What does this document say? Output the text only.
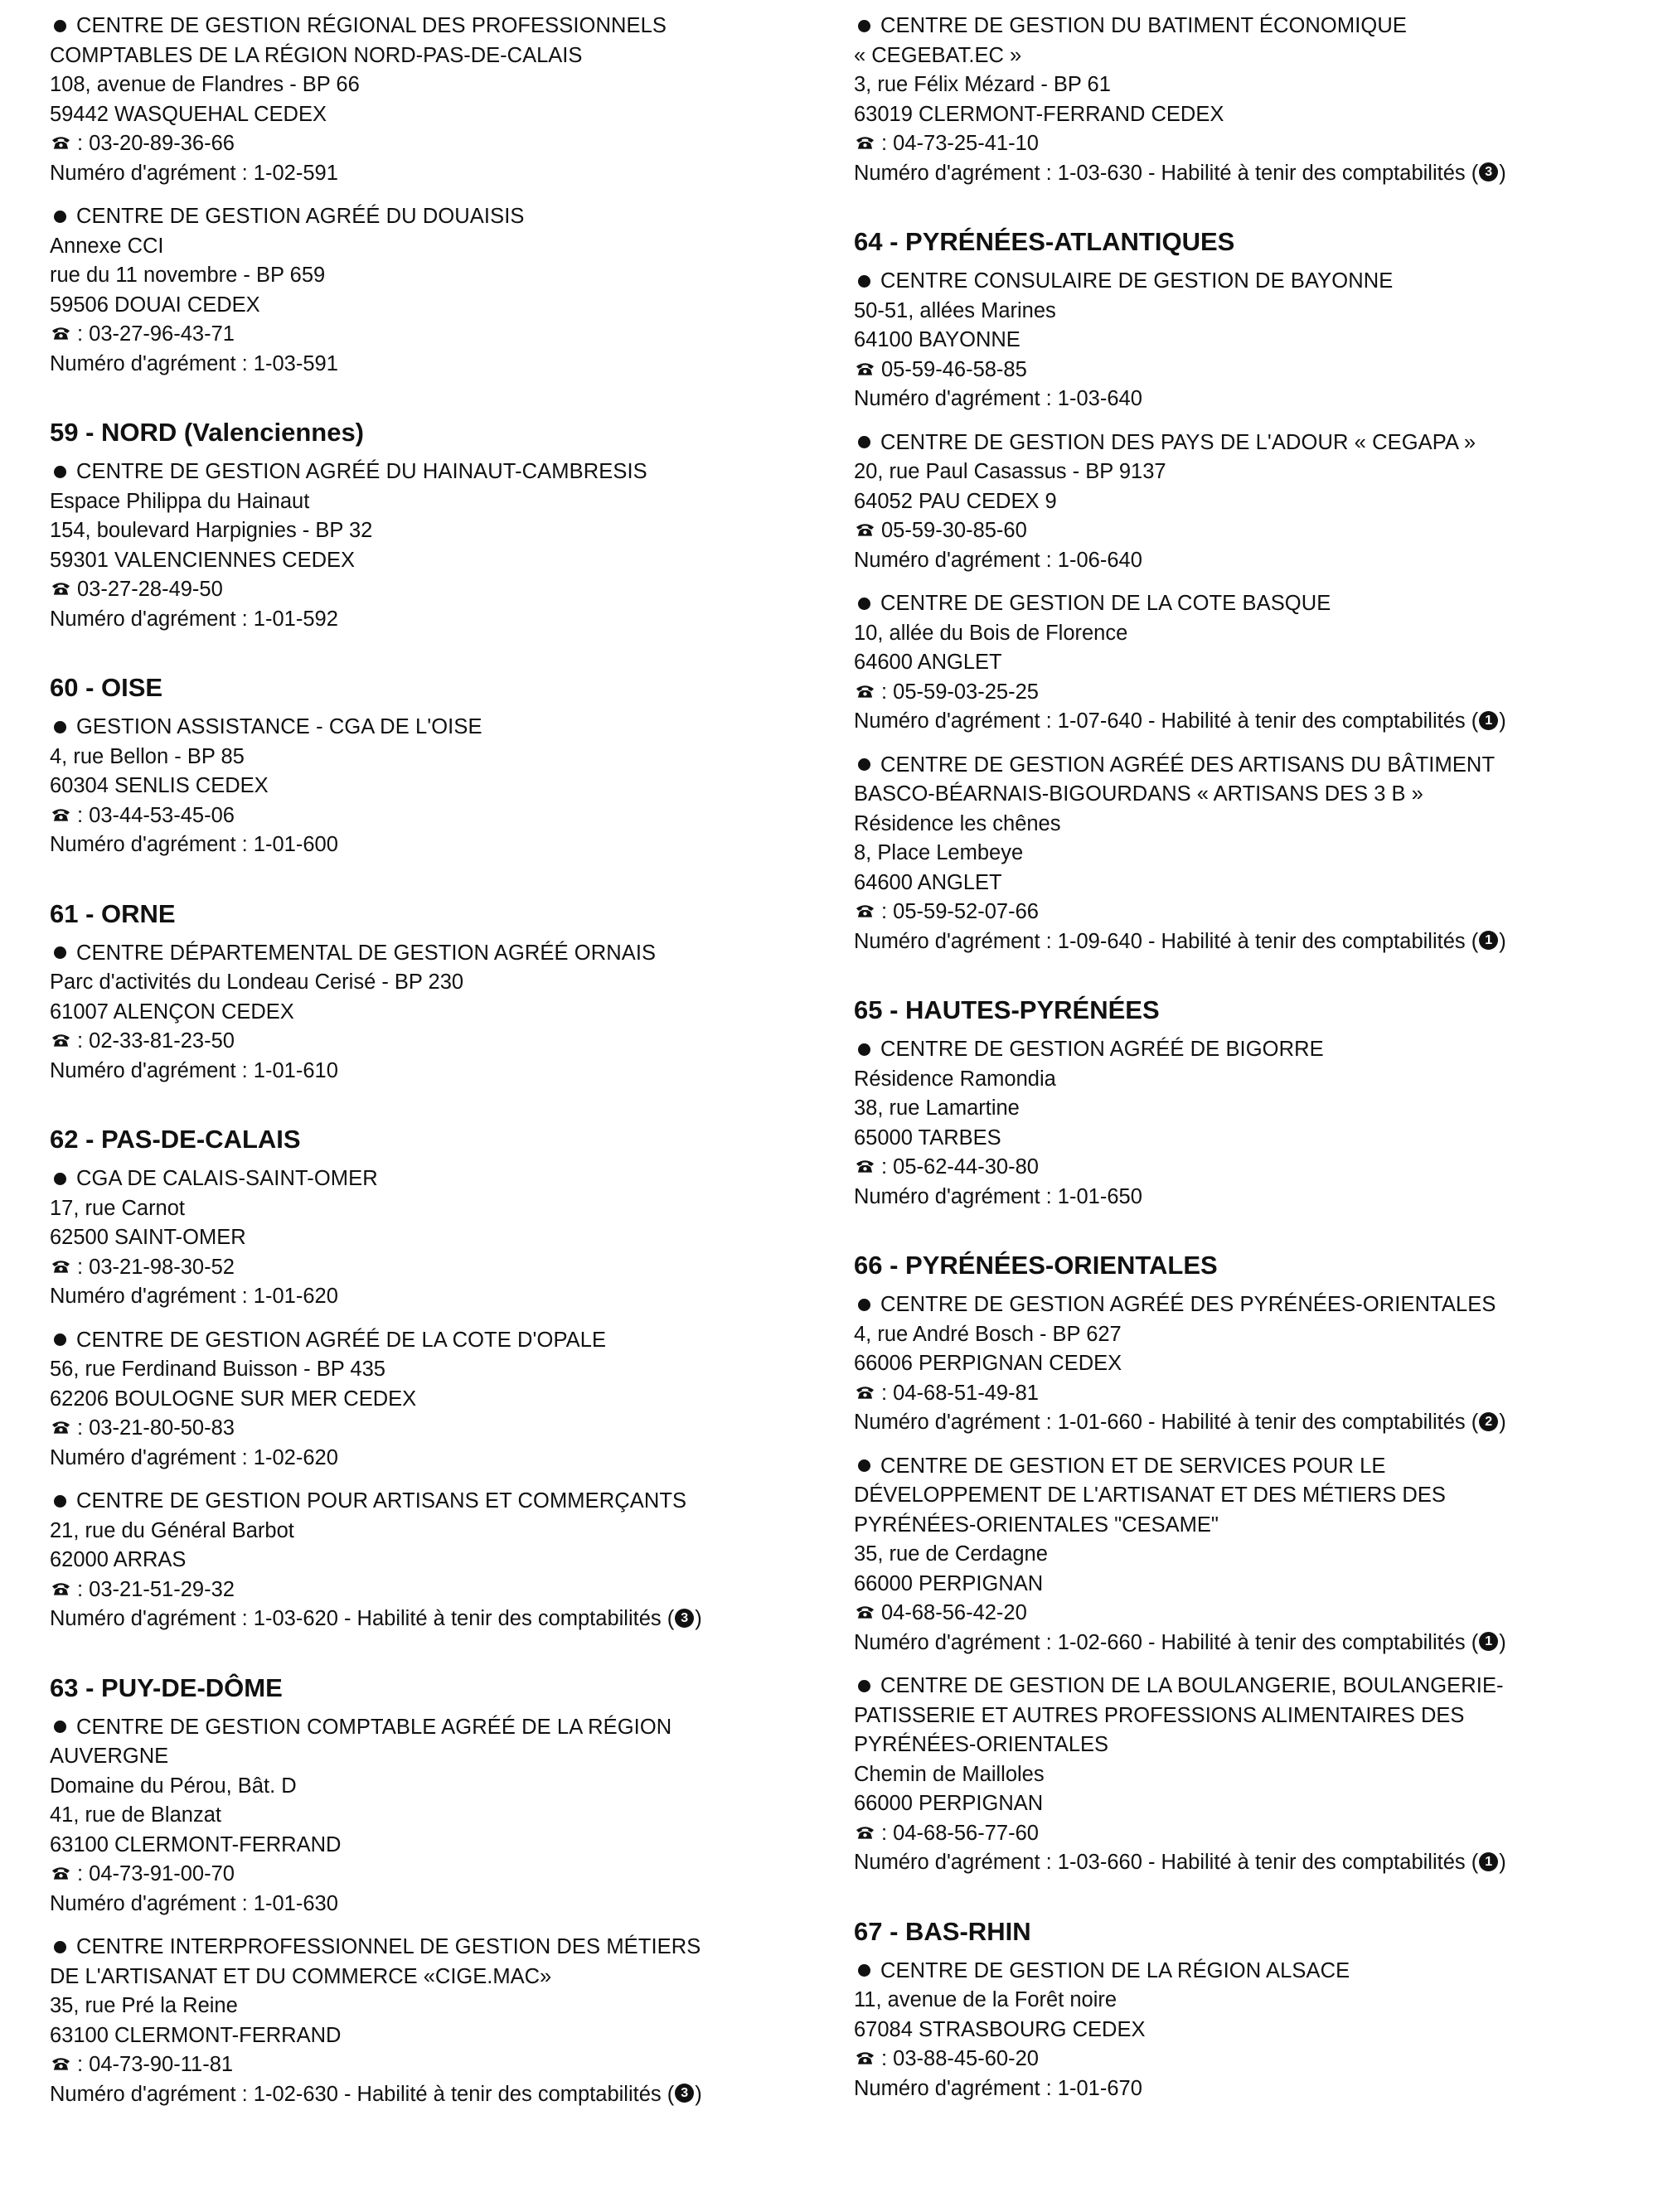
CENTRE DE GESTION RÉGIONAL DES PROFESSIONNELS
COMPTABLES DE LA RÉGION NORD-PAS-DE-CALAIS
108, avenue de Flandres - BP 66
59442 WASQUEHAL CEDEX
: 03-20-89-36-66
Numéro d'agrément : 1-02-591
CENTRE DE GESTION AGRÉÉ DU DOUAISIS
Annexe CCI
rue du 11 novembre - BP 659
59506 DOUAI CEDEX
: 03-27-96-43-71
Numéro d'agrément : 1-03-591
59 - NORD (Valenciennes)
CENTRE DE GESTION AGRÉÉ DU HAINAUT-CAMBRESIS
Espace Philippa du Hainaut
154, boulevard Harpignies - BP 32
59301 VALENCIENNES CEDEX
03-27-28-49-50
Numéro d'agrément : 1-01-592
60 - OISE
GESTION ASSISTANCE - CGA DE L'OISE
4, rue Bellon - BP 85
60304 SENLIS CEDEX
: 03-44-53-45-06
Numéro d'agrément : 1-01-600
61 - ORNE
CENTRE DÉPARTEMENTAL DE GESTION AGRÉÉ ORNAIS
Parc d'activités du Londeau Cerisé - BP 230
61007 ALENÇON CEDEX
: 02-33-81-23-50
Numéro d'agrément : 1-01-610
62 - PAS-DE-CALAIS
CGA DE CALAIS-SAINT-OMER
17, rue Carnot
62500 SAINT-OMER
: 03-21-98-30-52
Numéro d'agrément : 1-01-620
CENTRE DE GESTION AGRÉÉ DE LA COTE D'OPALE
56, rue Ferdinand Buisson - BP 435
62206 BOULOGNE SUR MER CEDEX
: 03-21-80-50-83
Numéro d'agrément : 1-02-620
CENTRE DE GESTION POUR ARTISANS ET COMMERÇANTS
21, rue du Général Barbot
62000 ARRAS
: 03-21-51-29-32
Numéro d'agrément : 1-03-620 - Habilité à tenir des comptabilités ( 3 )
63 - PUY-DE-DÔME
CENTRE DE GESTION COMPTABLE AGRÉÉ DE LA RÉGION
AUVERGNE
Domaine du Pérou, Bât. D
41, rue de Blanzat
63100 CLERMONT-FERRAND
: 04-73-91-00-70
Numéro d'agrément : 1-01-630
CENTRE INTERPROFESSIONNEL DE GESTION DES MÉTIERS
DE L'ARTISANAT ET DU COMMERCE «CIGE.MAC»
35, rue Pré la Reine
63100 CLERMONT-FERRAND
: 04-73-90-11-81
Numéro d'agrément : 1-02-630 - Habilité à tenir des comptabilités ( 3 )
CENTRE DE GESTION DU BATIMENT ÉCONOMIQUE
« CEGEBAT.EC »
3, rue Félix Mézard - BP 61
63019 CLERMONT-FERRAND CEDEX
: 04-73-25-41-10
Numéro d'agrément : 1-03-630 - Habilité à tenir des comptabilités ( 3 )
64 - PYRÉNÉES-ATLANTIQUES
CENTRE CONSULAIRE DE GESTION DE BAYONNE
50-51, allées Marines
64100 BAYONNE
05-59-46-58-85
Numéro d'agrément : 1-03-640
CENTRE DE GESTION DES PAYS DE L'ADOUR « CEGAPA »
20, rue Paul Casassus - BP 9137
64052 PAU CEDEX 9
05-59-30-85-60
Numéro d'agrément : 1-06-640
CENTRE DE GESTION DE LA COTE BASQUE
10, allée du Bois de Florence
64600 ANGLET
: 05-59-03-25-25
Numéro d'agrément : 1-07-640 - Habilité à tenir des comptabilités ( 1 )
CENTRE DE GESTION AGRÉÉ DES ARTISANS DU BÂTIMENT
BASCO-BÉARNAIS-BIGOURDANS « ARTISANS DES 3 B »
Résidence les chênes
8, Place Lembeye
64600 ANGLET
: 05-59-52-07-66
Numéro d'agrément : 1-09-640 - Habilité à tenir des comptabilités ( 1 )
65 - HAUTES-PYRÉNÉES
CENTRE DE GESTION AGRÉÉ DE BIGORRE
Résidence Ramondia
38, rue Lamartine
65000 TARBES
: 05-62-44-30-80
Numéro d'agrément : 1-01-650
66 - PYRÉNÉES-ORIENTALES
CENTRE DE GESTION AGRÉÉ DES PYRÉNÉES-ORIENTALES
4, rue André Bosch - BP 627
66006 PERPIGNAN CEDEX
: 04-68-51-49-81
Numéro d'agrément : 1-01-660 - Habilité à tenir des comptabilités ( 2 )
CENTRE DE GESTION ET DE SERVICES POUR LE
DÉVELOPPEMENT DE L'ARTISANAT ET DES MÉTIERS DES
PYRÉNÉES-ORIENTALES "CESAME"
35, rue de Cerdagne
66000 PERPIGNAN
04-68-56-42-20
Numéro d'agrément : 1-02-660 - Habilité à tenir des comptabilités ( 1 )
CENTRE DE GESTION DE LA BOULANGERIE, BOULANGERIE-
PATISSERIE ET AUTRES PROFESSIONS ALIMENTAIRES DES
PYRÉNÉES-ORIENTALES
Chemin de Mailloles
66000 PERPIGNAN
: 04-68-56-77-60
Numéro d'agrément : 1-03-660 - Habilité à tenir des comptabilités ( 1 )
67 - BAS-RHIN
CENTRE DE GESTION DE LA RÉGION ALSACE
11, avenue de la Forêt noire
67084 STRASBOURG CEDEX
: 03-88-45-60-20
Numéro d'agrément : 1-01-670
